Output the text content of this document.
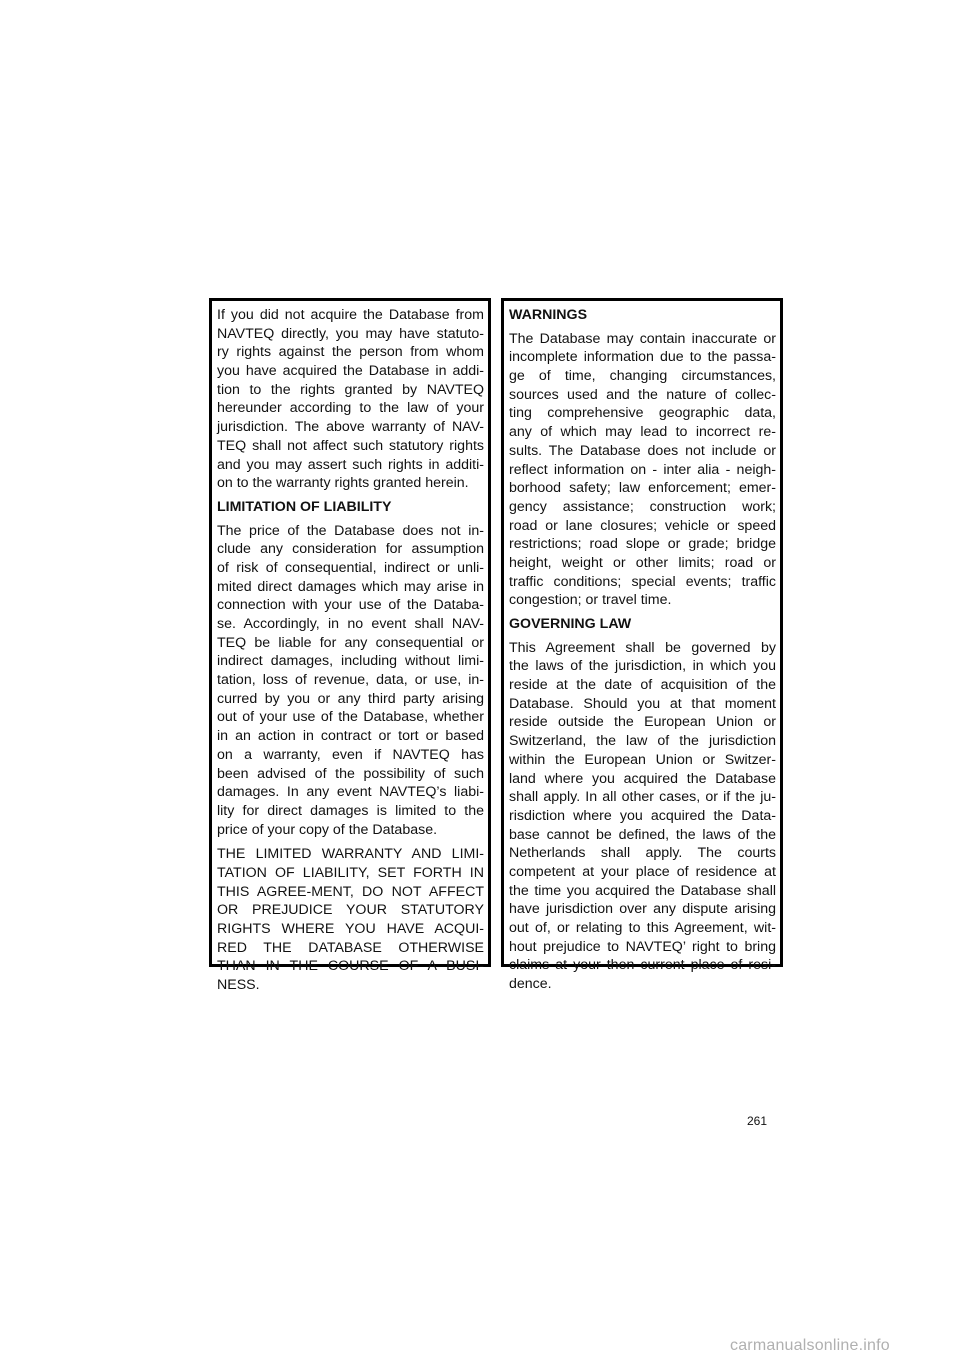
If you did not acquire the Database from
NAVTEQ directly, you may have statuto-
ry rights against the person from whom
you have acquired the Database in addi-
tion to the rights granted by NAVTEQ
hereunder according to the law of your
jurisdiction. The above warranty of NAV-
TEQ shall not affect such statutory rights
and you may assert such rights in additi-
on to the warranty rights granted herein.
LIMITATION OF LIABILITY
The price of the Database does not in-
clude any consideration for assumption
of risk of consequential, indirect or unli-
mited direct damages which may arise in
connection with your use of the Databa-
se. Accordingly, in no event shall NAV-
TEQ be liable for any consequential or
indirect damages, including without limi-
tation, loss of revenue, data, or use, in-
curred by you or any third party arising
out of your use of the Database, whether
in an action in contract or tort or based
on a warranty, even if NAVTEQ has
been advised of the possibility of such
damages. In any event NAVTEQ’s liabi-
lity for direct damages is limited to the
price of your copy of the Database.
THE LIMITED WARRANTY AND LIMI-
TATION OF LIABILITY, SET FORTH IN
THIS AGREE-MENT, DO NOT AFFECT
OR PREJUDICE YOUR STATUTORY
RIGHTS WHERE YOU HAVE ACQUI-
RED THE DATABASE OTHERWISE
THAN IN THE COURSE OF A BUSI-
NESS.
WARNINGS
The Database may contain inaccurate or
incomplete information due to the passa-
ge of time, changing circumstances,
sources used and the nature of collec-
ting comprehensive geographic data,
any of which may lead to incorrect re-
sults. The Database does not include or
reflect information on - inter alia - neigh-
borhood safety; law enforcement; emer-
gency assistance; construction work;
road or lane closures; vehicle or speed
restrictions; road slope or grade; bridge
height, weight or other limits; road or
traffic conditions; special events; traffic
congestion; or travel time.
GOVERNING LAW
This Agreement shall be governed by
the laws of the jurisdiction, in which you
reside at the date of acquisition of the
Database. Should you at that moment
reside outside the European Union or
Switzerland, the law of the jurisdiction
within the European Union or Switzer-
land where you acquired the Database
shall apply. In all other cases, or if the ju-
risdiction where you acquired the Data-
base cannot be defined, the laws of the
Netherlands shall apply. The courts
competent at your place of residence at
the time you acquired the Database shall
have jurisdiction over any dispute arising
out of, or relating to this Agreement, wit-
hout prejudice to NAVTEQ’ right to bring
claims at your then current place of resi-
dence.
261
carmanualsonline.info
